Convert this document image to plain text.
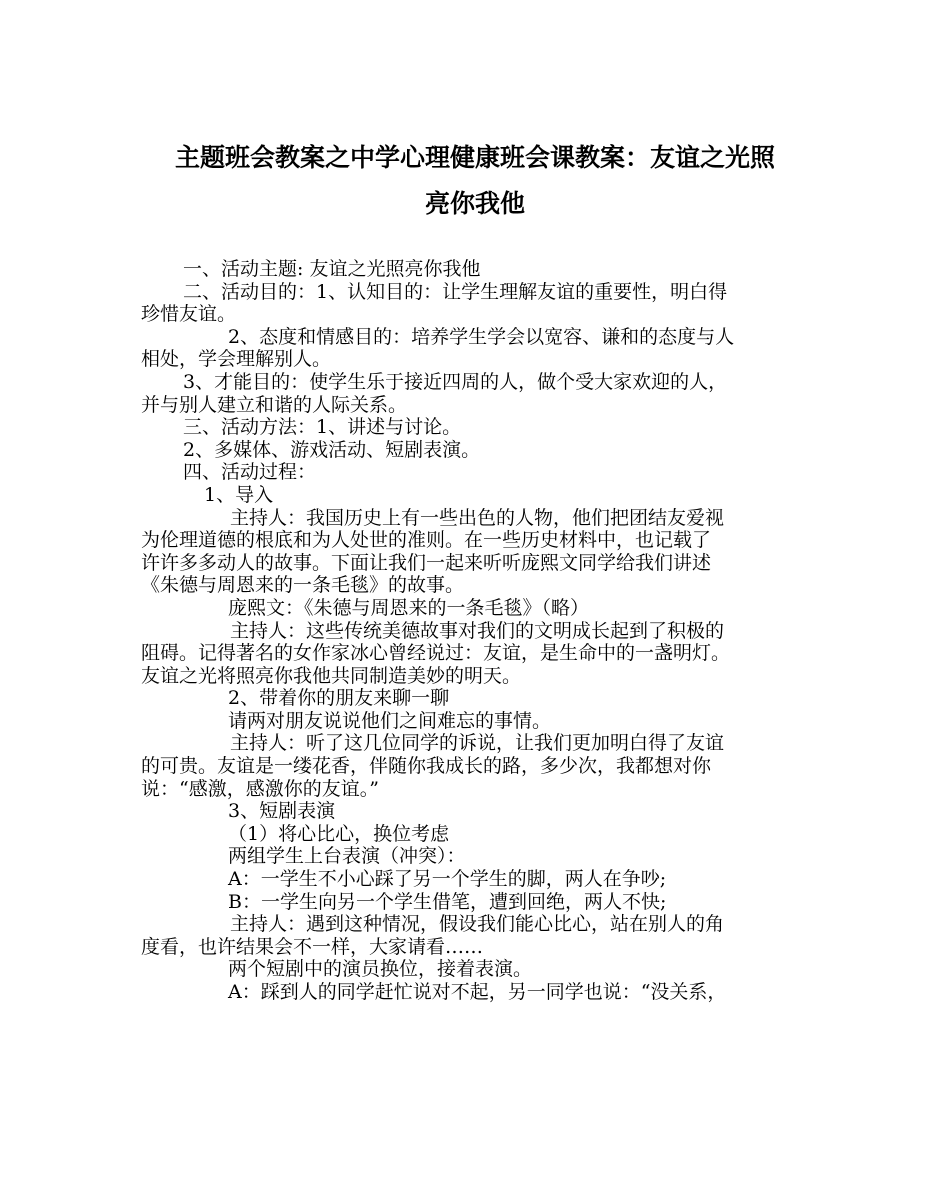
主题班会教案之中学心理健康班会课教案：友谊之光照
亮你我他
一、活动主题: 友谊之光照亮你我他
二、活动目的：1、认知目的：让学生理解友谊的重要性，明白得
珍惜友谊。
2、态度和情感目的：培养学生学会以宽容、谦和的态度与人
相处，学会理解别人。
3、才能目的：使学生乐于接近四周的人，做个受大家欢迎的人，
并与别人建立和谐的人际关系。
三、活动方法：1、讲述与讨论。
2、多媒体、游戏活动、短剧表演。
四、活动过程：
1、导入
主持人：我国历史上有一些出色的人物，他们把团结友爱视
为伦理道德的根底和为人处世的准则。在一些历史材料中，也记载了
许许多多动人的故事。下面让我们一起来听听庞熙文同学给我们讲述
《朱德与周恩来的一条毛毯》的故事。
庞熙文：《朱德与周恩来的一条毛毯》（略）
主持人：这些传统美德故事对我们的文明成长起到了积极的
阻碍。记得著名的女作家冰心曾经说过：友谊，是生命中的一盏明灯。
友谊之光将照亮你我他共同制造美妙的明天。
2、带着你的朋友来聊一聊
请两对朋友说说他们之间难忘的事情。
主持人：听了这几位同学的诉说，让我们更加明白得了友谊
的可贵。友谊是一缕花香，伴随你我成长的路，多少次，我都想对你
说：“感激，感激你的友谊。”
3、短剧表演
（1）将心比心，换位考虑
两组学生上台表演（冲突）：
A：一学生不小心踩了另一个学生的脚，两人在争吵;
B：一学生向另一个学生借笔，遭到回绝，两人不快;
主持人：遇到这种情况，假设我们能心比心，站在别人的角
度看，也许结果会不一样，大家请看……
两个短剧中的演员换位，接着表演。
A：踩到人的同学赶忙说对不起，另一同学也说：“没关系，
